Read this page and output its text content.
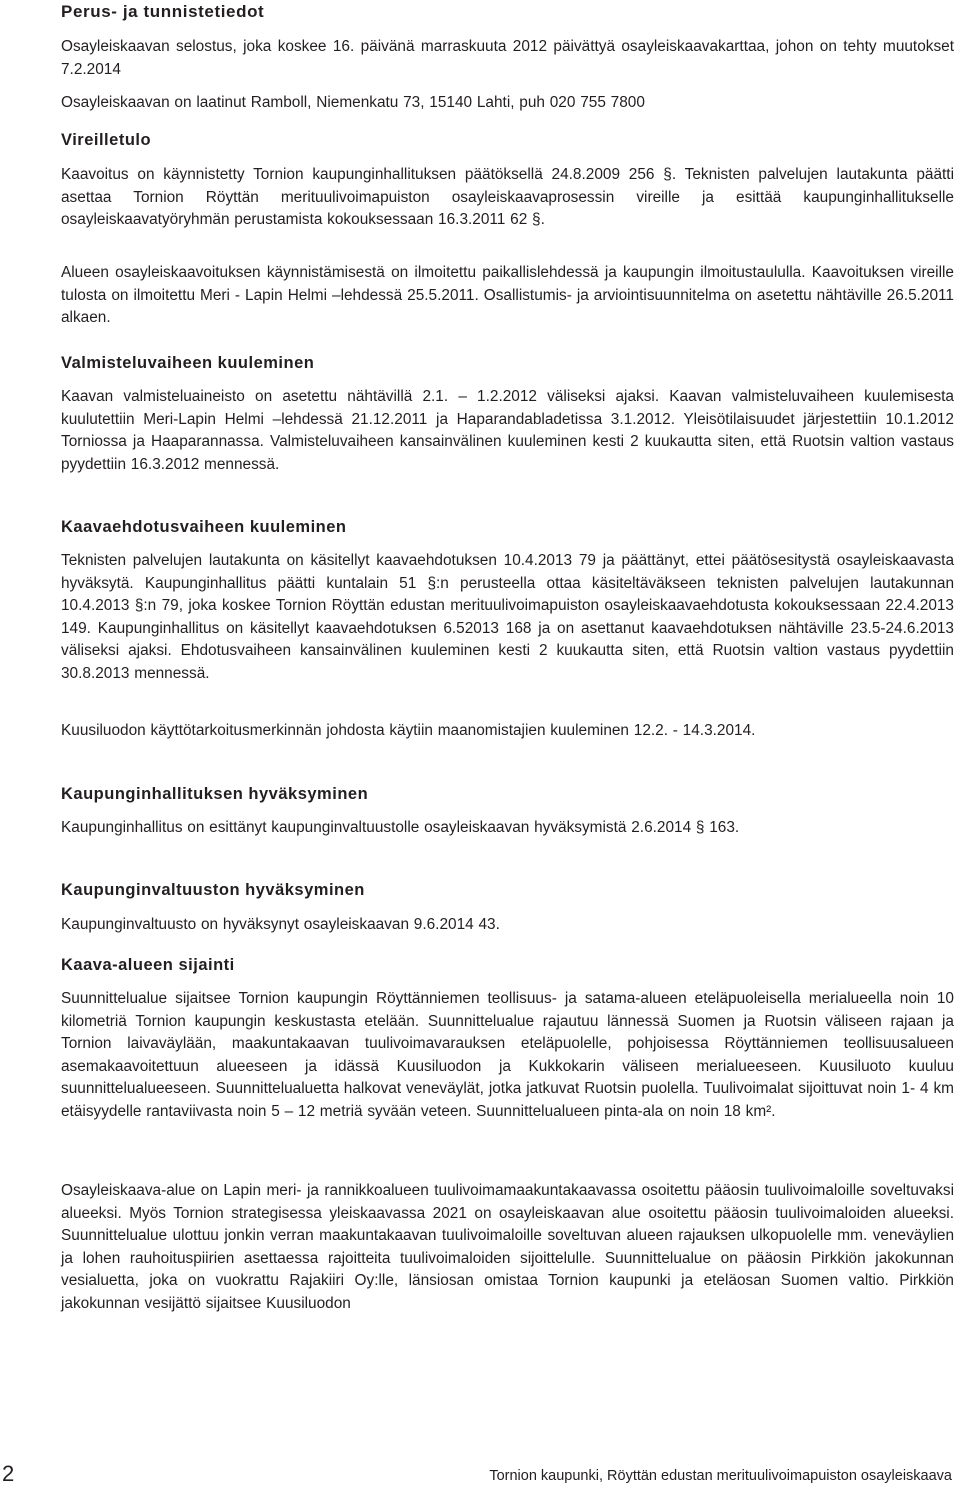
Perus- ja tunnistetiedot

Osayleiskaavan selostus, joka koskee 16. päivänä marraskuuta 2012 päivättyä osayleiskaavakarttaa, johon on tehty muutokset 7.2.2014

Osayleiskaavan on laatinut Ramboll, Niemenkatu 73, 15140 Lahti, puh 020 755 7800

Vireilletulo

Kaavoitus on käynnistetty Tornion kaupunginhallituksen päätöksellä 24.8.2009 256 §. Teknisten palvelujen lautakunta päätti asettaa Tornion Röyttän merituulivoimapuiston osayleiskaavaprosessin vireille ja esittää kaupunginhallitukselle osayleiskaavatyöryhmän perustamista kokouksessaan 16.3.2011 62 §.

Alueen osayleiskaavoituksen käynnistämisestä on ilmoitettu paikallislehdessä ja kaupungin ilmoitustaululla. Kaavoituksen vireille tulosta on ilmoitettu Meri - Lapin Helmi –lehdessä 25.5.2011. Osallistumis- ja arviointisuunnitelma on asetettu nähtäville 26.5.2011 alkaen.

Valmisteluvaiheen kuuleminen

Kaavan valmisteluaineisto on asetettu nähtävillä 2.1. – 1.2.2012 väliseksi ajaksi. Kaavan valmisteluvaiheen kuulemisesta kuulutettiin Meri-Lapin Helmi –lehdessä 21.12.2011 ja Haparandabladetissa 3.1.2012. Yleisötilaisuudet järjestettiin 10.1.2012 Torniossa ja Haaparannassa. Valmisteluvaiheen kansainvälinen kuuleminen kesti 2 kuukautta siten, että Ruotsin valtion vastaus pyydettiin 16.3.2012 mennessä.

Kaavaehdotusvaiheen kuuleminen

Teknisten palvelujen lautakunta on käsitellyt kaavaehdotuksen 10.4.2013 79 ja päättänyt, ettei päätösesitystä osayleiskaavasta hyväksytä. Kaupunginhallitus päätti kuntalain 51 §:n perusteella ottaa käsiteltäväkseen teknisten palvelujen lautakunnan 10.4.2013 §:n 79, joka koskee Tornion Röyttän edustan merituulivoimapuiston osayleiskaavaehdotusta kokouksessaan 22.4.2013 149. Kaupunginhallitus on käsitellyt kaavaehdotuksen 6.52013 168 ja on asettanut kaavaehdotuksen nähtäville 23.5-24.6.2013 väliseksi ajaksi. Ehdotusvaiheen kansainvälinen kuuleminen kesti 2 kuukautta siten, että Ruotsin valtion vastaus pyydettiin 30.8.2013 mennessä.

Kuusiluodon käyttötarkoitusmerkinnän johdosta käytiin maanomistajien kuuleminen 12.2. - 14.3.2014.

Kaupunginhallituksen hyväksyminen

Kaupunginhallitus on esittänyt kaupunginvaltuustolle osayleiskaavan hyväksymistä 2.6.2014 § 163.

Kaupunginvaltuuston hyväksyminen

Kaupunginvaltuusto on hyväksynyt osayleiskaavan 9.6.2014 43.

Kaava-alueen sijainti

Suunnittelualue sijaitsee Tornion kaupungin Röyttänniemen teollisuus- ja satama-alueen eteläpuoleisella merialueella noin 10 kilometriä Tornion kaupungin keskustasta etelään. Suunnittelualue rajautuu lännessä Suomen ja Ruotsin väliseen rajaan ja Tornion laivaväylään, maakuntakaavan tuulivoimavarauksen eteläpuolelle, pohjoisessa Röyttänniemen teollisuusalueen asemakaavoitettuun alueeseen ja idässä Kuusiluodon ja Kukkokarin väliseen merialueeseen. Kuusiluoto kuuluu suunnittelualueeseen. Suunnittelualuetta halkovat veneväylät, jotka jatkuvat Ruotsin puolella. Tuulivoimalat sijoittuvat noin 1- 4 km etäisyydelle rantaviivasta noin 5 – 12 metriä syvään veteen. Suunnittelualueen pinta-ala on noin 18 km².

Osayleiskaava-alue on Lapin meri- ja rannikkoalueen tuulivoimamaakuntakaavassa osoitettu pääosin tuulivoimaloille soveltuvaksi alueeksi. Myös Tornion strategisessa yleiskaavassa 2021 on osayleiskaavan alue osoitettu pääosin tuulivoimaloiden alueeksi. Suunnittelualue ulottuu jonkin verran maakuntakaavan tuulivoimaloille soveltuvan alueen rajauksen ulkopuolelle mm. veneväylien ja lohen rauhoituspiirien asettaessa rajoitteita tuulivoimaloiden sijoittelulle. Suunnittelualue on pääosin Pirkkiön jakokunnan vesialuetta, joka on vuokrattu Rajakiiri Oy:lle, länsiosan omistaa Tornion kaupunki ja eteläosan Suomen valtio. Pirkkiön jakokunnan vesijättö sijaitsee Kuusiluodon

2	Tornion kaupunki, Röyttän edustan merituulivoimapuiston osayleiskaava
